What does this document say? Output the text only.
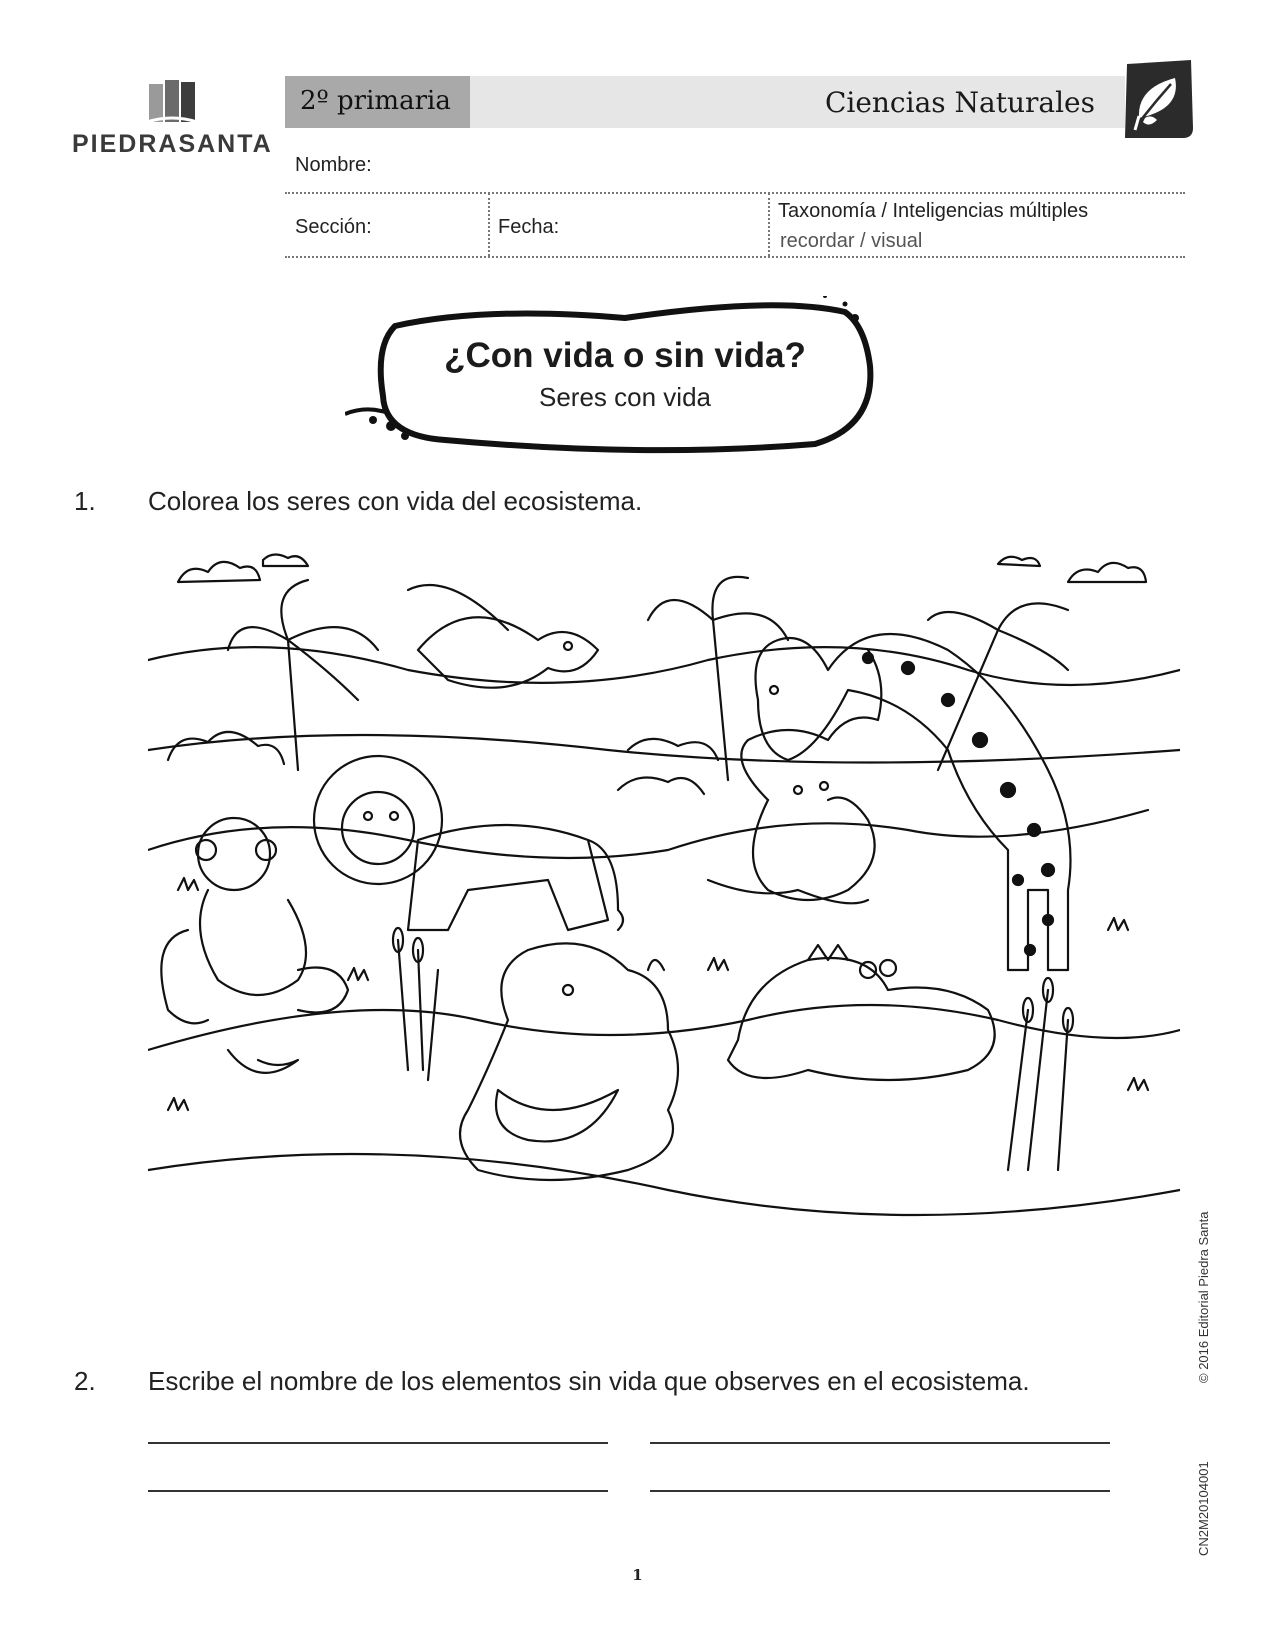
PIEDRASANTA
2º primaria	Ciencias Naturales
Nombre:
Sección:	Fecha:
Taxonomía / Inteligencias múltiples
recordar / visual
¿Con vida o sin vida?
Seres con vida
1. Colorea los seres con vida del ecosistema.
2. Escribe el nombre de los elementos sin vida que observes en el ecosistema.	© 2016 Editorial Piedra Santa
CN2M20104001
1
